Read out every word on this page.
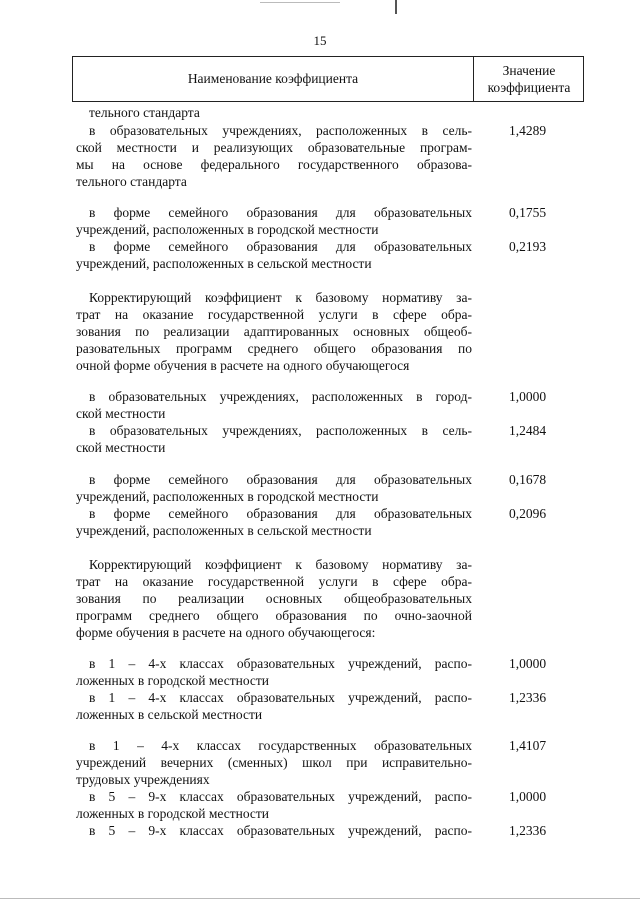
15
Наименование коэффициента
Значение
коэффициента
тельного стандарта
в образовательных учреждениях, расположенных в сель-
ской местности и реализующих образовательные програм-
мы на основе федерального государственного образова-
тельного стандарта
в форме семейного образования для образовательных
учреждений, расположенных в городской местности
в форме семейного образования для образовательных
учреждений, расположенных в сельской местности
Корректирующий коэффициент к базовому нормативу за-
трат на оказание государственной услуги в сфере обра-
зования по реализации адаптированных основных общеоб-
разовательных программ среднего общего образования по
очной форме обучения в расчете на одного обучающегося
в образовательных учреждениях, расположенных в город-
ской местности
в образовательных учреждениях, расположенных в сель-
ской местности
в форме семейного образования для образовательных
учреждений, расположенных в городской местности
в форме семейного образования для образовательных
учреждений, расположенных в сельской местности
Корректирующий коэффициент к базовому нормативу за-
трат на оказание государственной услуги в сфере обра-
зования по реализации основных общеобразовательных
программ среднего общего образования по очно-заочной
форме обучения в расчете на одного обучающегося:
в 1 – 4-х классах образовательных учреждений, распо-
ложенных в городской местности
в 1 – 4-х классах образовательных учреждений, распо-
ложенных в сельской местности
в 1 – 4-х классах государственных образовательных
учреждений вечерних (сменных) школ при исправительно-
трудовых учреждениях
в 5 – 9-х классах образовательных учреждений, распо-
ложенных в городской местности
в 5 – 9-х классах образовательных учреждений, распо-
1,4289
0,1755
0,2193
1,0000
1,2484
0,1678
0,2096
1,0000
1,2336
1,4107
1,0000
1,2336
